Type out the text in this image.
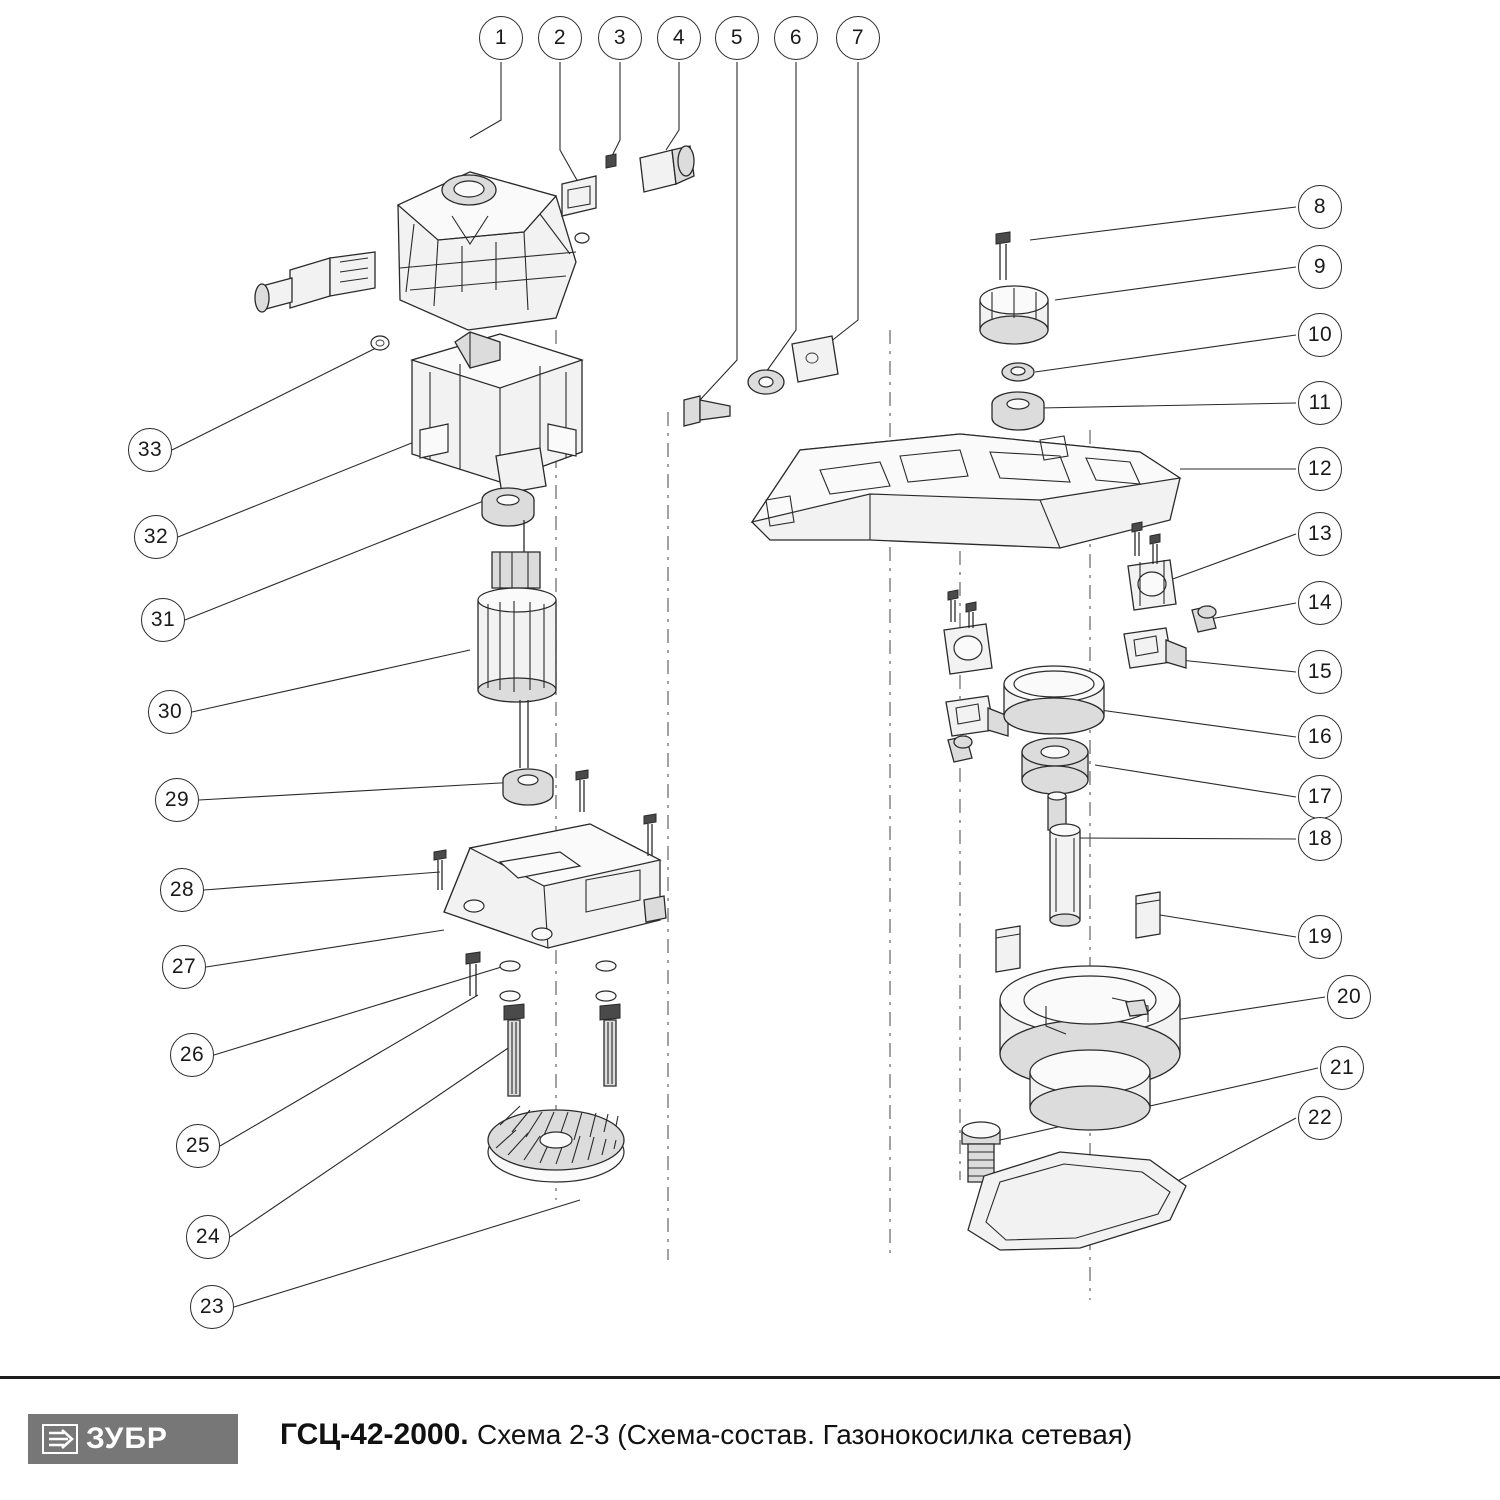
1 2 3 4 5 6 7
8
9
10
11
12
13
14
15
16
17
18
19
20
21
22
23
24
25
26
27
28
29
30
31
32
33
ЗУБР	ГСЦ-42-2000. Схема 2-3 (Схема-состав. Газонокосилка сетевая)
